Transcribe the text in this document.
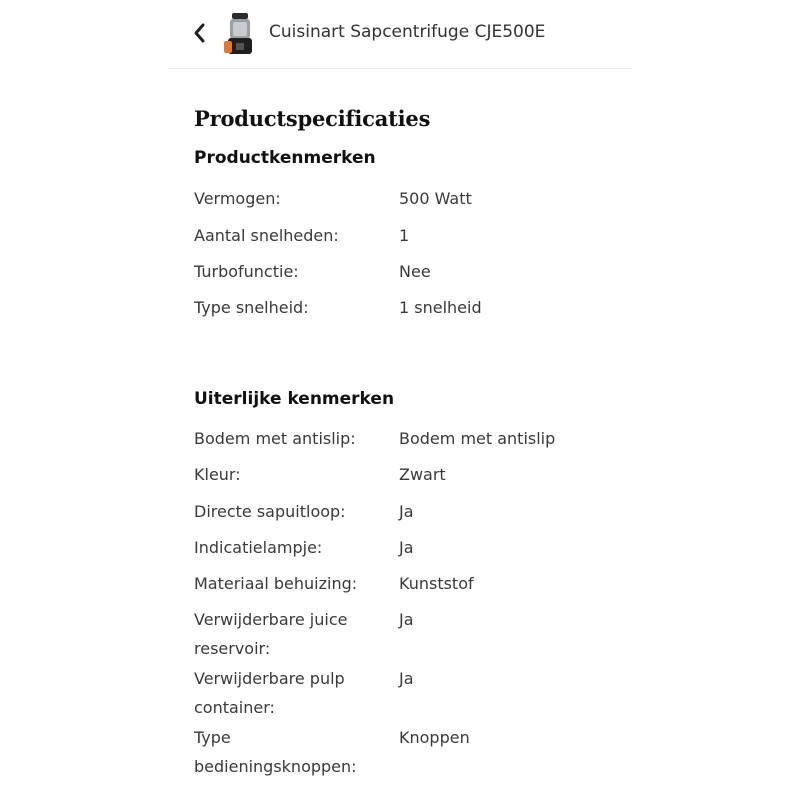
Cuisinart Sapcentrifuge CJE500E
Productspecificaties
Productkenmerken
Vermogen:	500 Watt
Aantal snelheden:	1
Turbofunctie:	Nee
Type snelheid:	1 snelheid
Uiterlijke kenmerken
Bodem met antislip:	Bodem met antislip
Kleur:	Zwart
Directe sapuitloop:	Ja
Indicatielampje:	Ja
Materiaal behuizing:	Kunststof
Verwijderbare juice reservoir:
Ja
Verwijderbare pulp container:
Ja
Type bedieningsknoppen:
Knoppen
